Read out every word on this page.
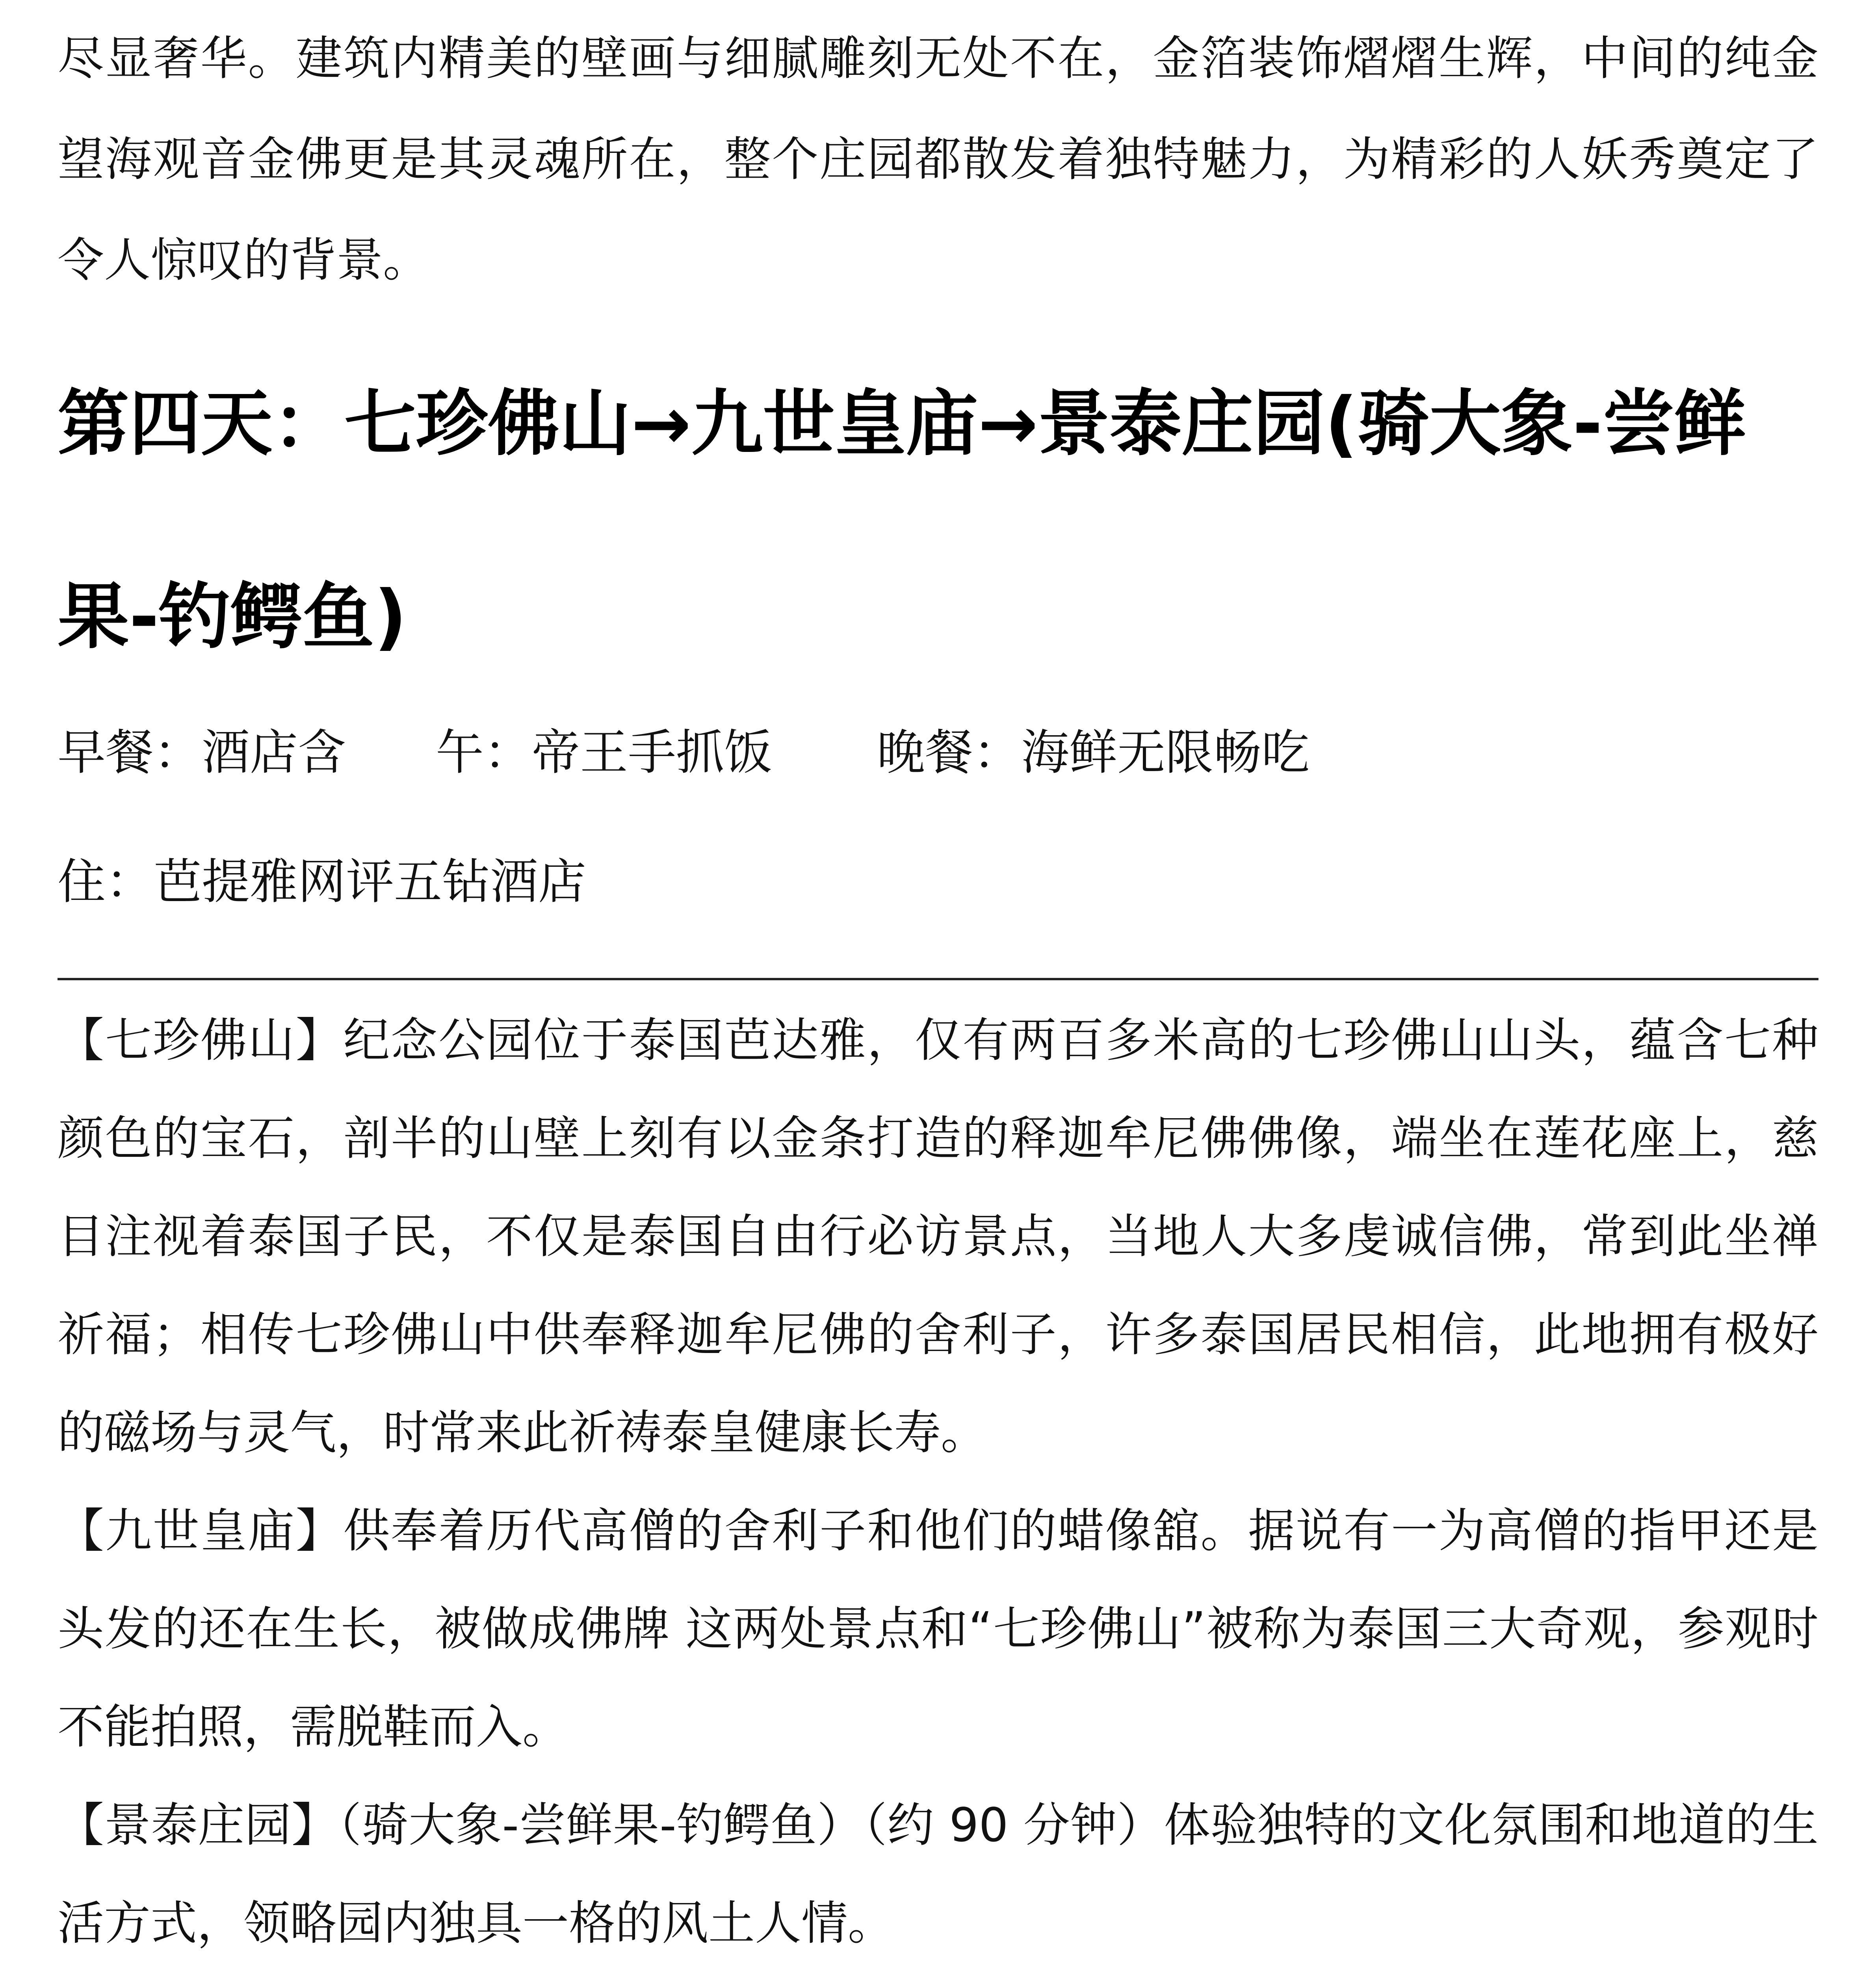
尽显奢华。建筑内精美的壁画与细腻雕刻无处不在，金箔装饰熠熠生辉，中间的纯金望海观音金佛更是其灵魂所在，整个庄园都散发着独特魅力，为精彩的人妖秀奠定了令人惊叹的背景。

第四天：七珍佛山→九世皇庙→景泰庄园(骑大象-尝鲜果-钓鳄鱼)
早餐：酒店含 午：帝王手抓饭 晚餐：海鲜无限畅吃

住：芭提雅网评五钻酒店

【七珍佛山】纪念公园位于泰国芭达雅，仅有两百多米高的七珍佛山山头，蕴含七种颜色的宝石，剖半的山壁上刻有以金条打造的释迦牟尼佛佛像，端坐在莲花座上，慈目注视着泰国子民，不仅是泰国自由行必访景点，当地人大多虔诚信佛，常到此坐禅祈福；相传七珍佛山中供奉释迦牟尼佛的舍利子，许多泰国居民相信，此地拥有极好的磁场与灵气，时常来此祈祷泰皇健康长寿。

【九世皇庙】供奉着历代高僧的舍利子和他们的蜡像舘。据说有一为高僧的指甲还是头发的还在生长，被做成佛牌 这两处景点和“七珍佛山”被称为泰国三大奇观，参观时不能拍照，需脱鞋而入。

【景泰庄园】（骑大象-尝鲜果-钓鳄鱼）（约 90 分钟）体验独特的文化氛围和地道的生活方式，领略园内独具一格的风土人情。
